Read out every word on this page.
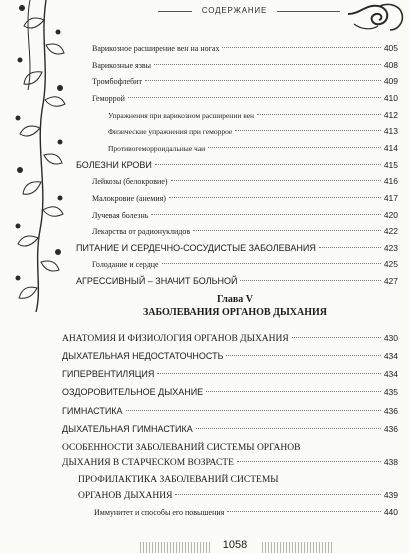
СОДЕРЖАНИЕ
Варикозное расширение вен на ногах	405
Варикозные язвы	408
Тромбофлебит	409
Геморрой	410
Упражнения при варикозном расширении вен	412
Физические упражнения при геморрое	413
Противогеморроидальные чаи	414
БОЛЕЗНИ КРОВИ	415
Лейкозы (белокровие)	416
Малокровие (анемия)	417
Лучевая болезнь	420
Лекарства от радионуклидов	422
ПИТАНИЕ И СЕРДЕЧНО-СОСУДИСТЫЕ ЗАБОЛЕВАНИЯ	423
Голодание и сердце	425
АГРЕССИВНЫЙ – ЗНАЧИТ БОЛЬНОЙ	427
Глава V
ЗАБОЛЕВАНИЯ ОРГАНОВ ДЫХАНИЯ
АНАТОМИЯ И ФИЗИОЛОГИЯ ОРГАНОВ ДЫХАНИЯ	430
ДЫХАТЕЛЬНАЯ НЕДОСТАТОЧНОСТЬ	434
ГИПЕРВЕНТИЛЯЦИЯ	434
ОЗДОРОВИТЕЛЬНОЕ ДЫХАНИЕ	435
ГИМНАСТИКА	436
ДЫХАТЕЛЬНАЯ ГИМНАСТИКА	436
ОСОБЕННОСТИ ЗАБОЛЕВАНИЙ СИСТЕМЫ ОРГАНОВ
ДЫХАНИЯ В СТАРЧЕСКОМ ВОЗРАСТЕ	438
ПРОФИЛАКТИКА ЗАБОЛЕВАНИЙ СИСТЕМЫ
ОРГАНОВ ДЫХАНИЯ	439
Иммунитет и способы его повышения	440
1058
